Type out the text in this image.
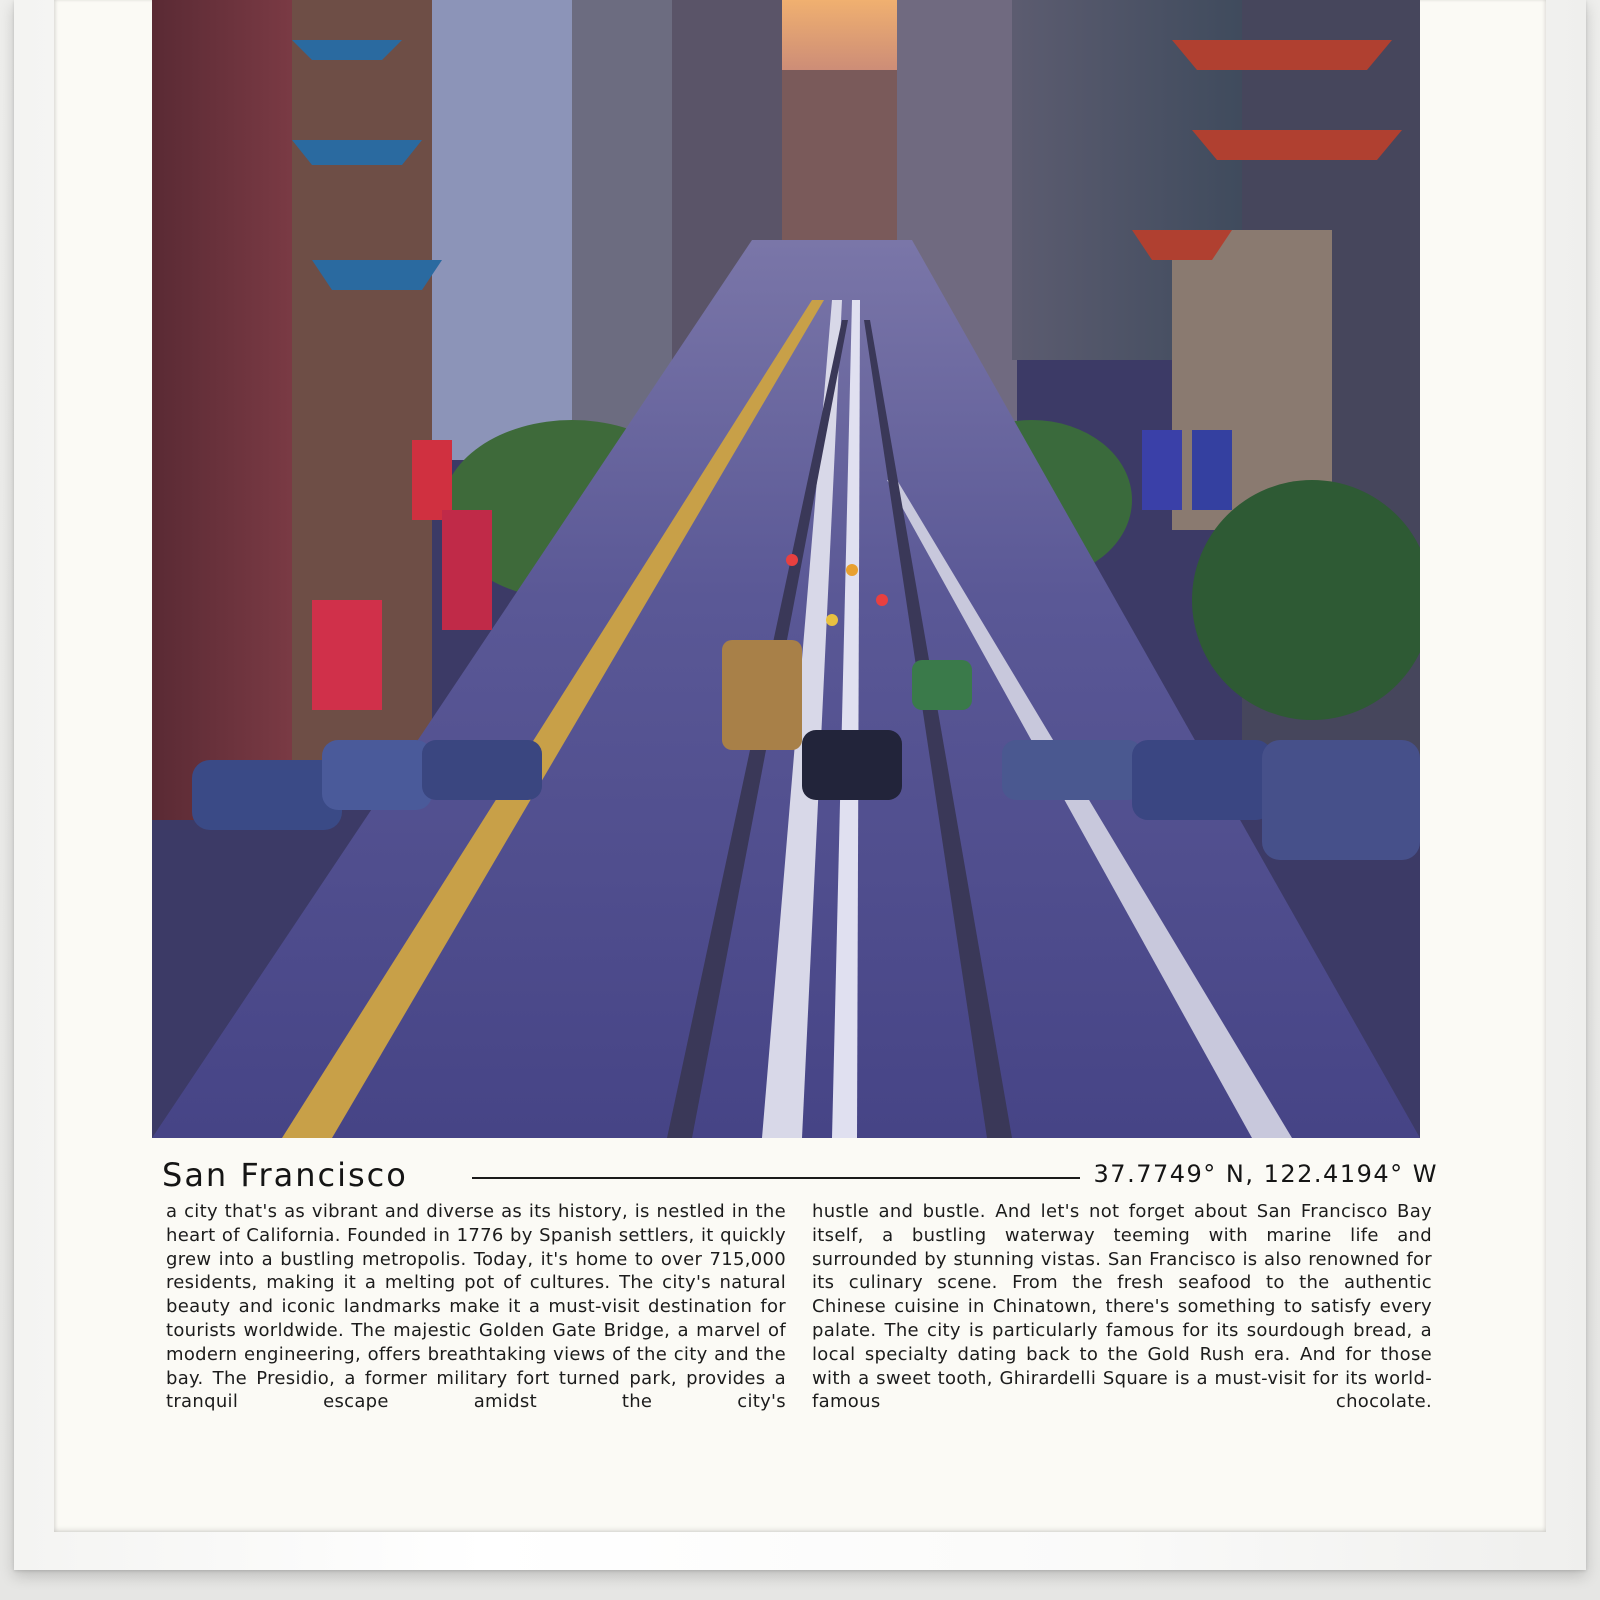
San Francisco	37.7749° N, 122.4194° W
a city that's as vibrant and diverse as its history, is nestled in the heart of California. Founded in 1776 by Spanish settlers, it quickly grew into a bustling metropolis. Today, it's home to over 715,000 residents, making it a melting pot of cultures. The city's natural beauty and iconic landmarks make it a must-visit destination for tourists worldwide. The majestic Golden Gate Bridge, a marvel of modern engineering, offers breathtaking views of the city and the bay. The Presidio, a former military fort turned park, provides a tranquil escape amidst the city's
hustle and bustle. And let's not forget about San Francisco Bay itself, a bustling waterway teeming with marine life and surrounded by stunning vistas. San Francisco is also renowned for its culinary scene. From the fresh seafood to the authentic Chinese cuisine in Chinatown, there's something to satisfy every palate. The city is particularly famous for its sourdough bread, a local specialty dating back to the Gold Rush era. And for those with a sweet tooth, Ghirardelli Square is a must-visit for its world-famous chocolate.
